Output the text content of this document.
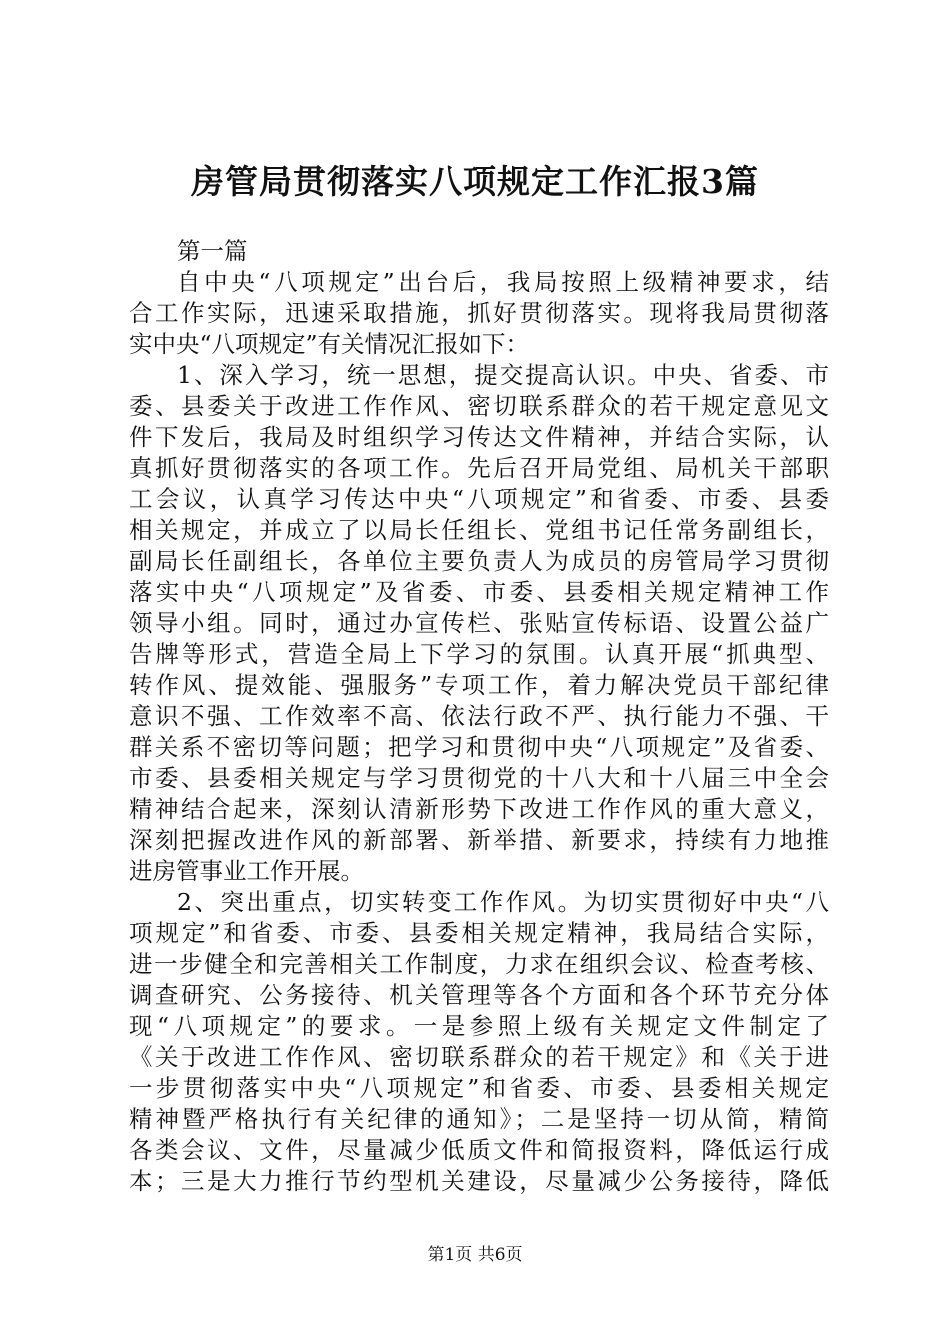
房管局贯彻落实八项规定工作汇报3篇
第一篇
自中央“八项规定”出台后，我局按照上级精神要求，结
合工作实际，迅速采取措施，抓好贯彻落实。现将我局贯彻落
实中央“八项规定”有关情况汇报如下：
1、深入学习，统一思想，提交提高认识。中央、省委、市
委、县委关于改进工作作风、密切联系群众的若干规定意见文
件下发后，我局及时组织学习传达文件精神，并结合实际，认
真抓好贯彻落实的各项工作。先后召开局党组、局机关干部职
工会议，认真学习传达中央“八项规定”和省委、市委、县委
相关规定，并成立了以局长任组长、党组书记任常务副组长，
副局长任副组长，各单位主要负责人为成员的房管局学习贯彻
落实中央“八项规定”及省委、市委、县委相关规定精神工作
领导小组。同时，通过办宣传栏、张贴宣传标语、设置公益广
告牌等形式，营造全局上下学习的氛围。认真开展“抓典型、
转作风、提效能、强服务”专项工作，着力解决党员干部纪律
意识不强、工作效率不高、依法行政不严、执行能力不强、干
群关系不密切等问题；把学习和贯彻中央“八项规定”及省委、
市委、县委相关规定与学习贯彻党的十八大和十八届三中全会
精神结合起来，深刻认清新形势下改进工作作风的重大意义，
深刻把握改进作风的新部署、新举措、新要求，持续有力地推
进房管事业工作开展。
2、突出重点，切实转变工作作风。为切实贯彻好中央“八
项规定”和省委、市委、县委相关规定精神，我局结合实际，
进一步健全和完善相关工作制度，力求在组织会议、检查考核、
调查研究、公务接待、机关管理等各个方面和各个环节充分体
现“八项规定”的要求。一是参照上级有关规定文件制定了
《关于改进工作作风、密切联系群众的若干规定》和《关于进
一步贯彻落实中央“八项规定”和省委、市委、县委相关规定
精神暨严格执行有关纪律的通知》；二是坚持一切从简，精简
各类会议、文件，尽量减少低质文件和简报资料，降低运行成
本；三是大力推行节约型机关建设，尽量减少公务接待，降低
第1页 共6页
